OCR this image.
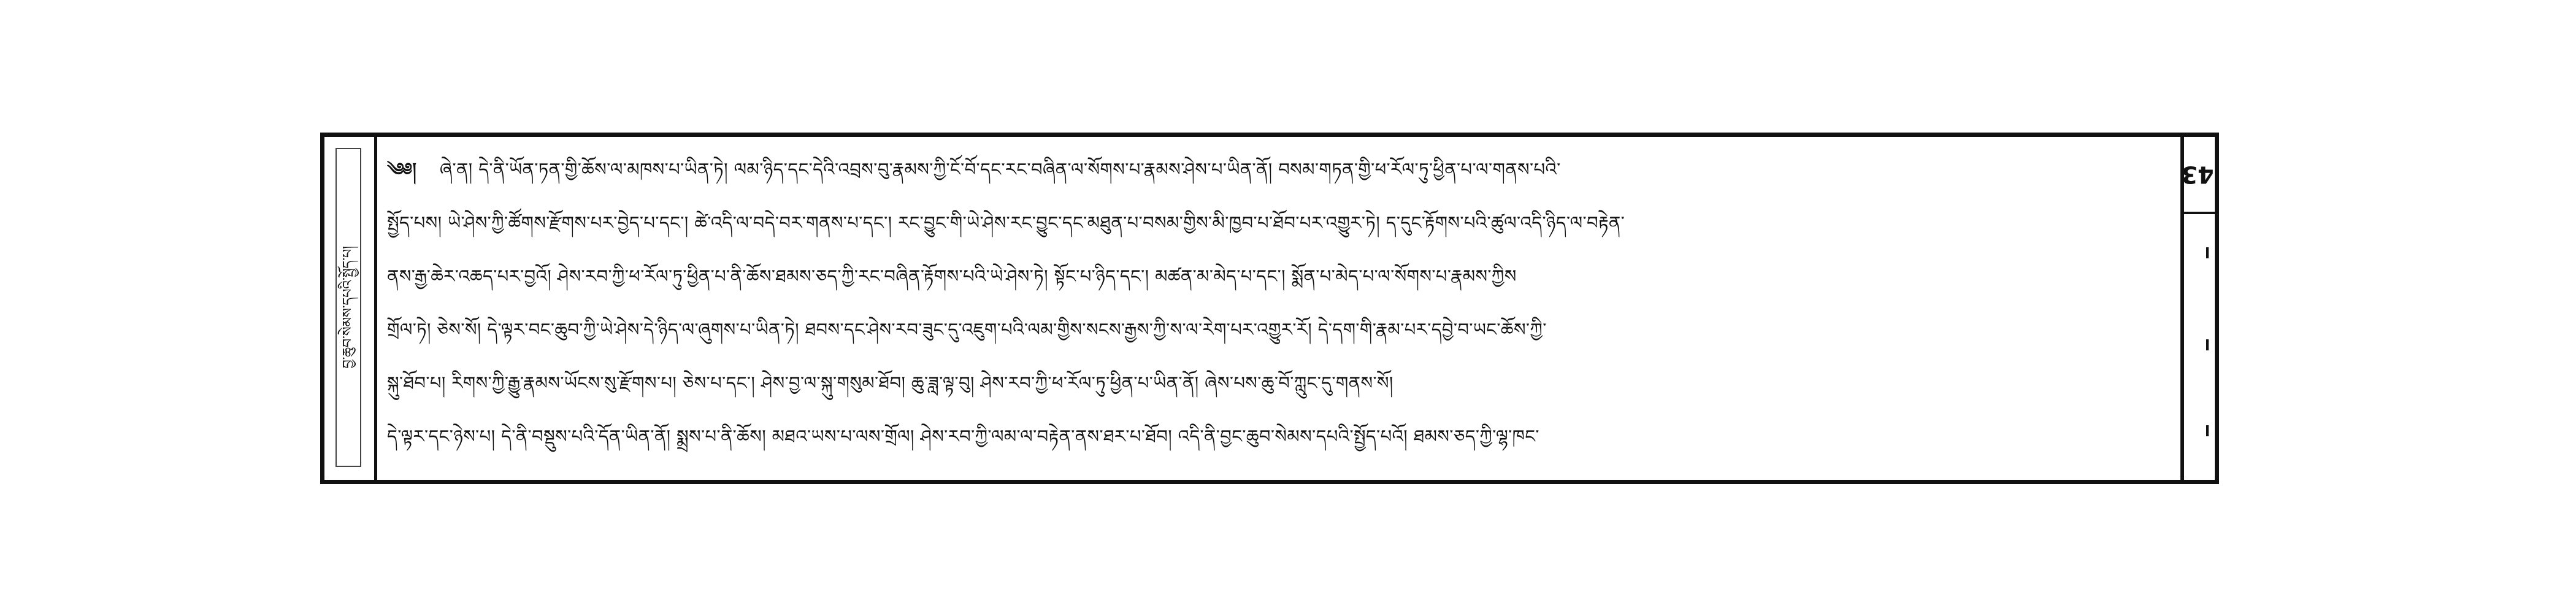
བྱ་ཆུབ་སེམས་དཔའི་སྤྱོད་པ།
༄༅། ཞེ་ན། དེ་ནི་ཡོན་ཏན་གྱི་ཆོས་ལ་མཁས་པ་ཡིན་ཏེ། ལམ་ཉིད་དང་དེའི་འབྲས་བུ་རྣམས་ཀྱི་ངོ་བོ་དང་རང་བཞིན་ལ་སོགས་པ་རྣམས་ཤེས་པ་ཡིན་ནོ། བསམ་གཏན་གྱི་ཕ་རོལ་ཏུ་ཕྱིན་པ་ལ་གནས་པའི་
སྤྱོད་པས། ཡེ་ཤེས་ཀྱི་ཚོགས་རྫོགས་པར་བྱེད་པ་དང་། ཚེ་འདི་ལ་བདེ་བར་གནས་པ་དང་། རང་བྱུང་གི་ཡེ་ཤེས་རང་བྱུང་དང་མཐུན་པ་བསམ་གྱིས་མི་ཁྱབ་པ་ཐོབ་པར་འགྱུར་ཏེ། ད་དུང་རྟོགས་པའི་ཚུལ་འདི་ཉིད་ལ་བརྟེན་
ནས་རྒྱ་ཆེར་འཆད་པར་བྱའོ། ཤེས་རབ་ཀྱི་ཕ་རོལ་ཏུ་ཕྱིན་པ་ནི་ཆོས་ཐམས་ཅད་ཀྱི་རང་བཞིན་རྟོགས་པའི་ཡེ་ཤེས་ཏེ། སྟོང་པ་ཉིད་དང་། མཚན་མ་མེད་པ་དང་། སྨོན་པ་མེད་པ་ལ་སོགས་པ་རྣམས་ཀྱིས
གྲོལ་ཏེ། ཅེས་སོ། དེ་ལྟར་བང་ཆུབ་ཀྱི་ཡེ་ཤེས་དེ་ཉིད་ལ་ཞུགས་པ་ཡིན་ཏེ། ཐབས་དང་ཤེས་རབ་ཟུང་དུ་འཇུག་པའི་ལམ་གྱིས་སངས་རྒྱས་ཀྱི་ས་ལ་རེག་པར་འགྱུར་རོ། དེ་དག་གི་རྣམ་པར་དབྱེ་བ་ཡང་ཆོས་ཀྱི་
སྐུ་ཐོབ་པ། རིགས་ཀྱི་རྒྱུ་རྣམས་ཡོངས་སུ་རྫོགས་པ། ཅེས་པ་དང་། ཤེས་བྱ་ལ་སྐུ་གསུམ་ཐོབ། ཆུ་ཟླ་ལྟ་བུ། ཤེས་རབ་ཀྱི་ཕ་རོལ་ཏུ་ཕྱིན་པ་ཡིན་ནོ། ཞེས་པས་ཆུ་བོ་ཀླུང་དུ་གནས་སོ།
དེ་ལྟར་དང་ཉེས་པ། དེ་ནི་བསྡུས་པའི་དོན་ཡིན་ནོ། སྨྲས་པ་ནི་ཆོས། མཐའ་ཡས་པ་ལས་གྲོལ། ཤེས་རབ་ཀྱི་ལམ་ལ་བརྟེན་ནས་ཐར་པ་ཐོབ། འདི་ནི་བྱང་ཆུབ་སེམས་དཔའི་སྤྱོད་པའོ། ཐམས་ཅད་ཀྱི་ལྷ་ཁང་
43
